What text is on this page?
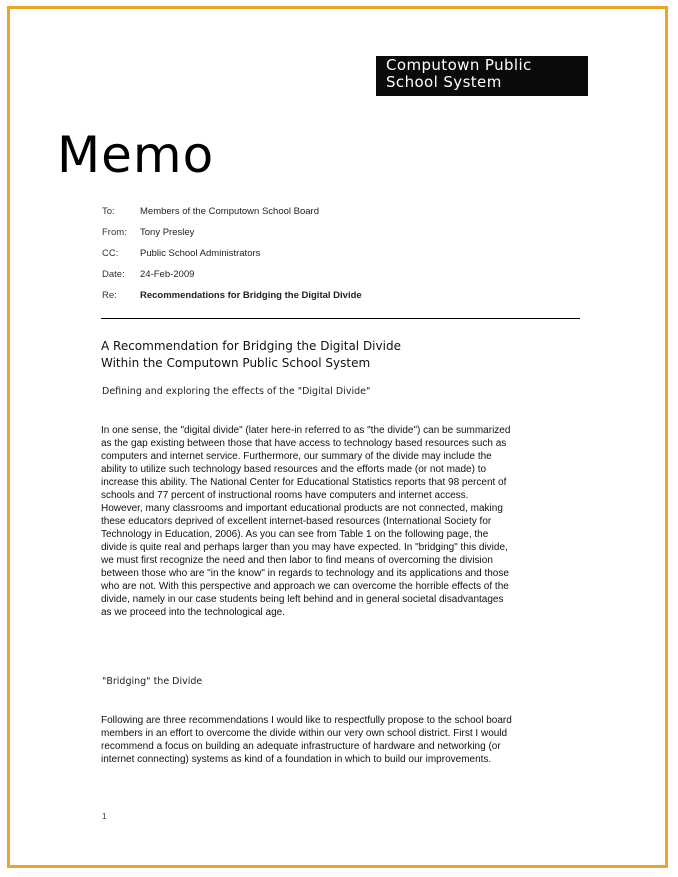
Computown Public
School System
Memo
To:	Members of the Computown School Board
From: Tony Presley
CC: Public School Administrators
Date: 24-Feb-2009
Re: Recommendations for Bridging the Digital Divide
A Recommendation for Bridging the Digital Divide
Within the Computown Public School System
Defining and exploring the effects of the "Digital Divide"

In one sense, the "digital divide" (later here-in referred to as "the divide") can be summarized
as the gap existing between those that have access to technology based resources such as
computers and internet service. Furthermore, our summary of the divide may include the
ability to utilize such technology based resources and the efforts made (or not made) to
increase this ability. The National Center for Educational Statistics reports that 98 percent of
schools and 77 percent of instructional rooms have computers and internet access.
However, many classrooms and important educational products are not connected, making
these educators deprived of excellent internet-based resources (International Society for
Technology in Education, 2006). As you can see from Table 1 on the following page, the
divide is quite real and perhaps larger than you may have expected. In "bridging" this divide,
we must first recognize the need and then labor to find means of overcoming the division
between those who are "in the know" in regards to technology and its applications and those
who are not. With this perspective and approach we can overcome the horrible effects of the
divide, namely in our case students being left behind and in general societal disadvantages
as we proceed into the technological age.

"Bridging" the Divide

Following are three recommendations I would like to respectfully propose to the school board
members in an effort to overcome the divide within our very own school district. First I would
recommend a focus on building an adequate infrastructure of hardware and networking (or
internet connecting) systems as kind of a foundation in which to build our improvements.

1
